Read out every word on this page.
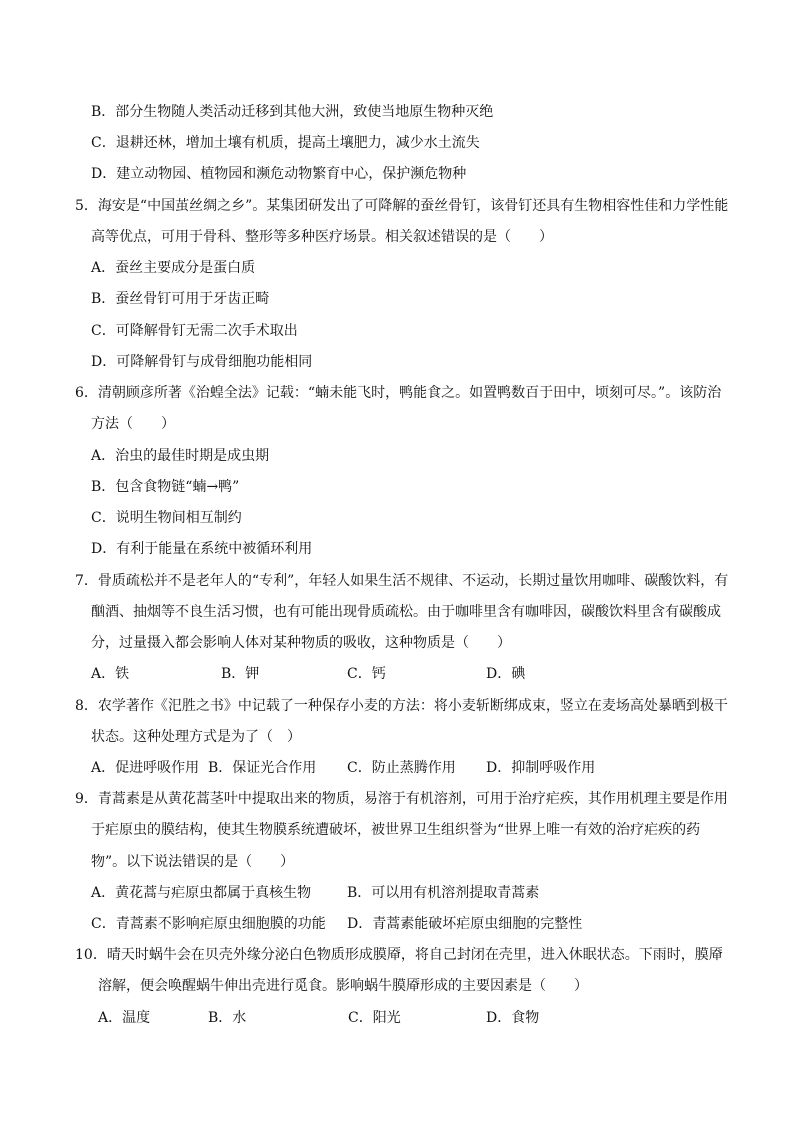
B．部分生物随人类活动迁移到其他大洲，致使当地原生物种灭绝
C．退耕还林，增加土壤有机质，提高土壤肥力，减少水土流失
D．建立动物园、植物园和濒危动物繁育中心，保护濒危物种
5．海安是“中国茧丝绸之乡”。某集团研发出了可降解的蚕丝骨钉，该骨钉还具有生物相容性佳和力学性能
高等优点，可用于骨科、整形等多种医疗场景。相关叙述错误的是（　　）
A．蚕丝主要成分是蛋白质
B．蚕丝骨钉可用于牙齿正畸
C．可降解骨钉无需二次手术取出
D．可降解骨钉与成骨细胞功能相同
6．清朝顾彦所著《治蝗全法》记载：“蝻未能飞时，鸭能食之。如置鸭数百于田中，顷刻可尽。”。该防治
方法（　　）
A．治虫的最佳时期是成虫期
B．包含食物链“蝻→鸭”
C．说明生物间相互制约
D．有利于能量在系统中被循环利用
7．骨质疏松并不是老年人的“专利”，年轻人如果生活不规律、不运动，长期过量饮用咖啡、碳酸饮料，有
酗酒、抽烟等不良生活习惯，也有可能出现骨质疏松。由于咖啡里含有咖啡因，碳酸饮料里含有碳酸成
分，过量摄入都会影响人体对某种物质的吸收，这种物质是（　　）
A．铁	B．钾	C．钙	D．碘
8．农学著作《汜胜之书》中记载了一种保存小麦的方法：将小麦斩断绑成束，竖立在麦场高处暴晒到极干
状态。这种处理方式是为了（　）
A．促进呼吸作用 B．保证光合作用 C．防止蒸腾作用 D．抑制呼吸作用
9．青蒿素是从黄花蒿茎叶中提取出来的物质，易溶于有机溶剂，可用于治疗疟疾，其作用机理主要是作用
于疟原虫的膜结构，使其生物膜系统遭破坏，被世界卫生组织誉为“世界上唯一有效的治疗疟疾的药
物”。以下说法错误的是（　　）
A．黄花蒿与疟原虫都属于真核生物	B．可以用有机溶剂提取青蒿素
C．青蒿素不影响疟原虫细胞膜的功能 D．青蒿素能破坏疟原虫细胞的完整性
10．晴天时蜗牛会在贝壳外缘分泌白色物质形成膜厣，将自己封闭在壳里，进入休眠状态。下雨时，膜厣
溶解，便会唤醒蜗牛伸出壳进行觅食。影响蜗牛膜厣形成的主要因素是（　　）
A．温度	B．水	C．阳光	D．食物
